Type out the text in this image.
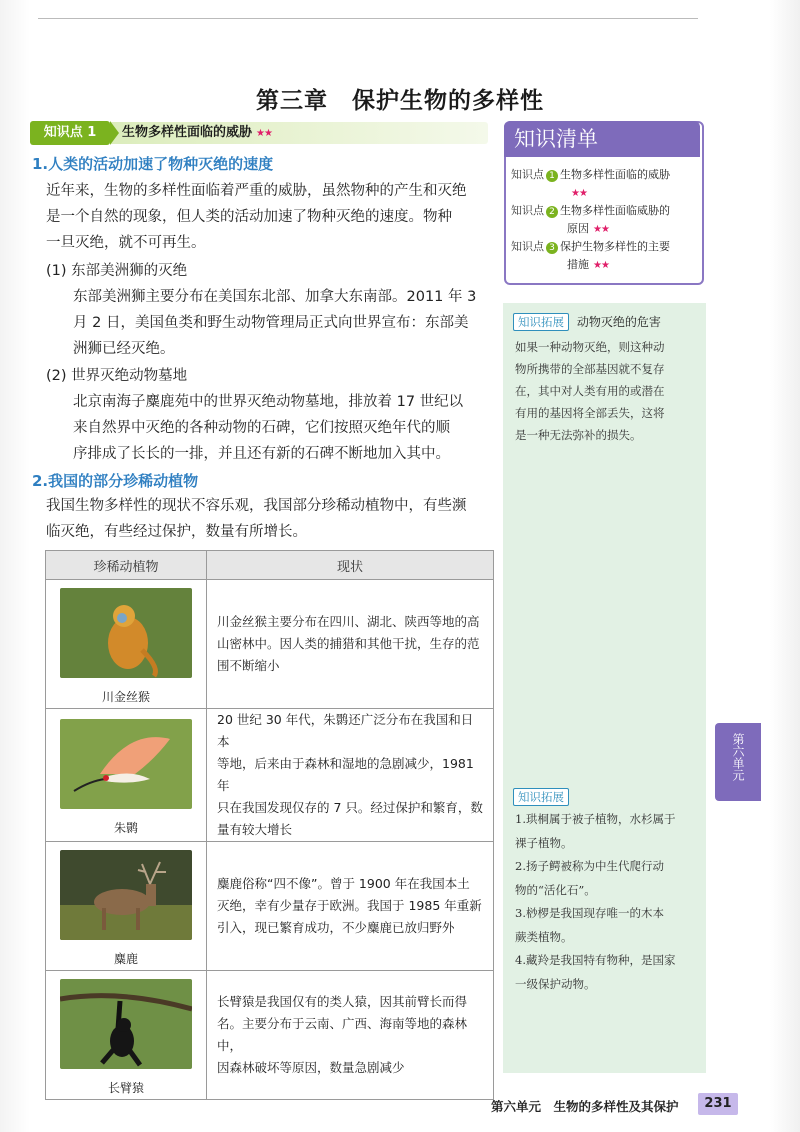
第三章　保护生物的多样性
知识点 1	生物多样性面临的威胁 ★★
1.人类的活动加速了物种灭绝的速度
近年来，生物的多样性面临着严重的威胁，虽然物种的产生和灭绝
是一个自然的现象，但人类的活动加速了物种灭绝的速度。物种
一旦灭绝，就不可再生。
(1) 东部美洲狮的灭绝
东部美洲狮主要分布在美国东北部、加拿大东南部。2011 年 3
月 2 日，美国鱼类和野生动物管理局正式向世界宣布：东部美
洲狮已经灭绝。
(2) 世界灭绝动物墓地
北京南海子麋鹿苑中的世界灭绝动物墓地，排放着 17 世纪以
来自然界中灭绝的各种动物的石碑，它们按照灭绝年代的顺
序排成了长长的一排，并且还有新的石碑不断地加入其中。
2.我国的部分珍稀动植物
我国生物多样性的现状不容乐观，我国部分珍稀动植物中，有些濒
临灭绝，有些经过保护，数量有所增长。
珍稀动植物	现状

川金丝猴	川金丝猴主要分布在四川、湖北、陕西等地的高
山密林中。因人类的捕猎和其他干扰，生存的范
围不断缩小

朱鹮	20 世纪 30 年代，朱鹮还广泛分布在我国和日本
等地，后来由于森林和湿地的急剧减少，1981 年
只在我国发现仅存的 7 只。经过保护和繁育，数
量有较大增长

麋鹿	麋鹿俗称“四不像”。曾于 1900 年在我国本土
灭绝，幸有少量存于欧洲。我国于 1985 年重新
引入，现已繁育成功，不少麋鹿已放归野外

长臂猿	长臂猿是我国仅有的类人猿，因其前臂长而得
名。主要分布于云南、广西、海南等地的森林中，
因森林破坏等原因，数量急剧减少
知识清单
知识点 1 生物多样性面临的威胁
★★
知识点 2 生物多样性面临威胁的
原因 ★★
知识点 3 保护生物多样性的主要
措施 ★★
知识拓展 动物灭绝的危害
如果一种动物灭绝，则这种动
物所携带的全部基因就不复存
在，其中对人类有用的或潜在
有用的基因将全部丢失，这将
是一种无法弥补的损失。
知识拓展
1.珙桐属于被子植物，水杉属于
裸子植物。
2.扬子鳄被称为中生代爬行动
物的“活化石”。
3.桫椤是我国现存唯一的木本
蕨类植物。
4.藏羚是我国特有物种，是国家
一级保护动物。
第六单元
第六单元　生物的多样性及其保护	231
